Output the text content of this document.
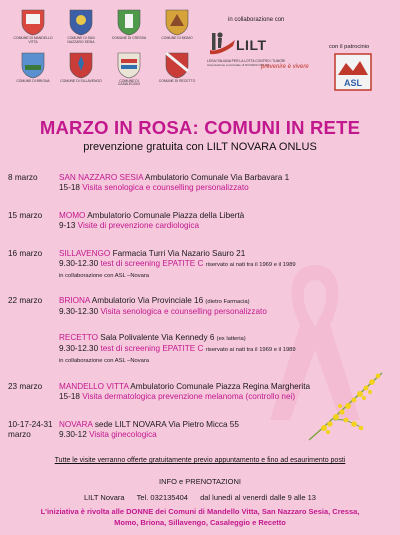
COMUNE DI MANDELLO VITTA
COMUNE DI SAN NAZZARO SESIA
COMUNE DI CRESSA	COMUNE DI MOMO
COMUNE DI BRIONA	COMUNE DI SILLAVENGO	COMUNE DI CASALEGGIO
COMUNE DI RECETTO
in collaborazione con
LILT
LEGA ITALIANA PER LA LOTTA CONTRO I TUMORI
Associazione provinciale di NOVARA ONLUS
prevenire è vivere
con il patrocinio
ASL
MARZO IN ROSA: COMUNI IN RETE
prevenzione gratuita con LILT NOVARA ONLUS
8 marzo	SAN NAZZARO SESIA Ambulatorio Comunale Via Barbavara 1
15-18 Visita senologica e counselling personalizzato
15 marzo MOMO Ambulatorio Comunale Piazza della Libertà
9-13 Visite di prevenzione cardiologica
16 marzo SILLAVENGO Farmacia Turri Via Nazario Sauro 21
9.30-12.30 test di screening EPATITE C riservato ai nati tra il 1969 e il 1989
in collaborazione con ASL –Novara
22 marzo BRIONA Ambulatorio Via Provinciale 16 (dietro Farmacia)
9.30-12.30 Visita senologica e counselling personalizzato
RECETTO Sala Polivalente Via Kennedy 6 (ex latteria)
9.30-12.30 test di screening EPATITE C riservato ai nati tra il 1969 e il 1989
in collaborazione con ASL –Novara
23 marzo MANDELLO VITTA Ambulatorio Comunale Piazza Regina Margherita
15-18 Visita dermatologica prevenzione melanoma (controllo nei)
10-17-24-31
marzo
NOVARA sede LILT NOVARA Via Pietro Micca 55
9.30-12 Visita ginecologica
Tutte le visite verranno offerte gratuitamente previo appuntamento e fino ad esaurimento posti
INFO e PRENOTAZIONI
LILT Novara Tel. 032135404 dal lunedì al venerdì dalle 9 alle 13
L'iniziativa è rivolta alle DONNE dei Comuni di Mandello Vitta, San Nazzaro Sesia, Cressa,
Momo, Briona, Sillavengo, Casaleggio e Recetto
